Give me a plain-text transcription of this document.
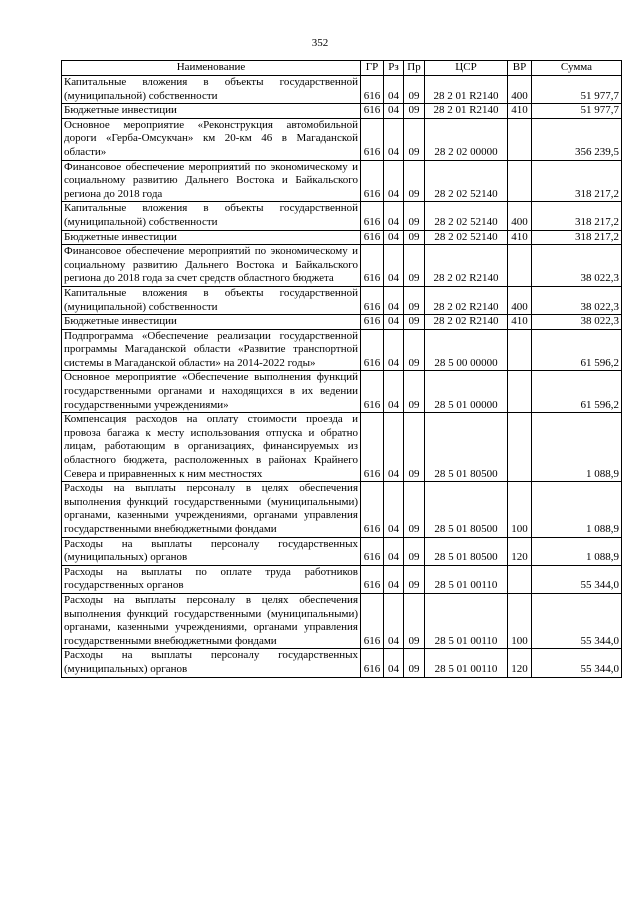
352
Наименование	ГР	Рз	Пр	ЦСР	ВР	Сумма
Капитальные вложения в объекты государственной (муниципальной) собственности	616	04	09	28 2 01 R2140	400	51 977,7
Бюджетные инвестиции	616	04	09	28 2 01 R2140	410	51 977,7
Основное мероприятие «Реконструкция автомобильной дороги «Герба-Омсукчан» км 20-км 46 в Магаданской области»	616	04	09	28 2 02 00000		356 239,5
Финансовое обеспечение мероприятий по экономическому и социальному развитию Дальнего Востока и Байкальского региона до 2018 года	616	04	09	28 2 02 52140		318 217,2
Капитальные вложения в объекты государственной (муниципальной) собственности	616	04	09	28 2 02 52140	400	318 217,2
Бюджетные инвестиции	616	04	09	28 2 02 52140	410	318 217,2
Финансовое обеспечение мероприятий по экономическому и социальному развитию Дальнего Востока и Байкальского региона до 2018 года за счет средств областного бюджета	616	04	09	28 2 02 R2140		38 022,3
Капитальные вложения в объекты государственной (муниципальной) собственности	616	04	09	28 2 02 R2140	400	38 022,3
Бюджетные инвестиции	616	04	09	28 2 02 R2140	410	38 022,3
Подпрограмма «Обеспечение реализации государственной программы Магаданской области «Развитие транспортной системы в Магаданской области» на 2014-2022 годы»	616	04	09	28 5 00 00000		61 596,2
Основное мероприятие «Обеспечение выполнения функций государственными органами и находящихся в их ведении государственными учреждениями»	616	04	09	28 5 01 00000		61 596,2
Компенсация расходов на оплату стоимости проезда и провоза багажа к месту использования отпуска и обратно лицам, работающим в организациях, финансируемых из областного бюджета, расположенных в районах Крайнего Севера и приравненных к ним местностях	616	04	09	28 5 01 80500		1 088,9
Расходы на выплаты персоналу в целях обеспечения выполнения функций государственными (муниципальными) органами, казенными учреждениями, органами управления государственными внебюджетными фондами	616	04	09	28 5 01 80500	100	1 088,9
Расходы на выплаты персоналу государственных (муниципальных) органов	616	04	09	28 5 01 80500	120	1 088,9
Расходы на выплаты по оплате труда работников государственных органов	616	04	09	28 5 01 00110		55 344,0
Расходы на выплаты персоналу в целях обеспечения выполнения функций государственными (муниципальными) органами, казенными учреждениями, органами управления государственными внебюджетными фондами	616	04	09	28 5 01 00110	100	55 344,0
Расходы на выплаты персоналу государственных (муниципальных) органов	616	04	09	28 5 01 00110	120	55 344,0
